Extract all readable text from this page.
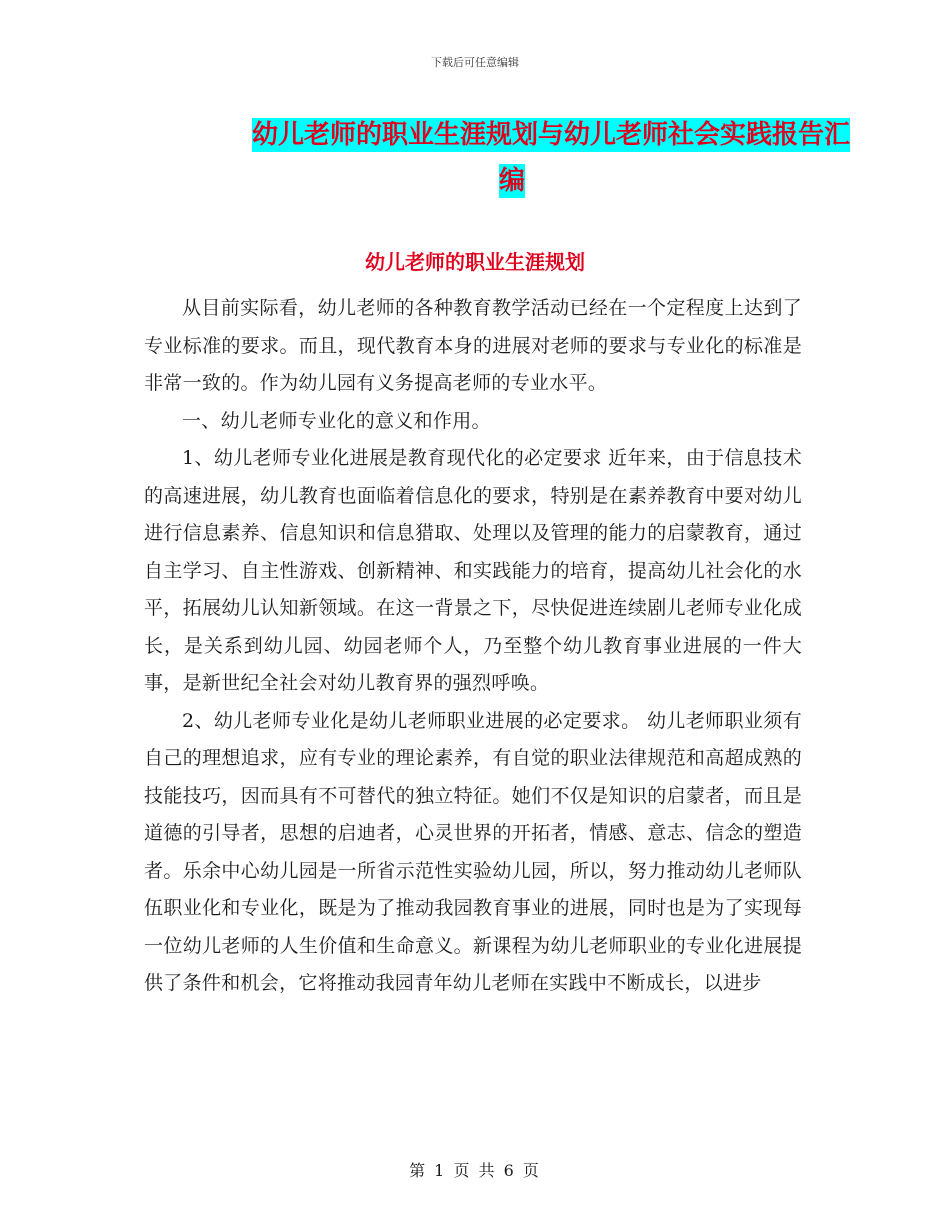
下载后可任意编辑
幼儿老师的职业生涯规划与幼儿老师社会实践报告汇
编
幼儿老师的职业生涯规划

从目前实际看，幼儿老师的各种教育教学活动已经在一个定程度上达到了专业标准的要求。而且，现代教育本身的进展对老师的要求与专业化的标准是非常一致的。作为幼儿园有义务提高老师的专业水平。

一、幼儿老师专业化的意义和作用。

1、幼儿老师专业化进展是教育现代化的必定要求 近年来，由于信息技术的高速进展，幼儿教育也面临着信息化的要求，特别是在素养教育中要对幼儿进行信息素养、信息知识和信息猎取、处理以及管理的能力的启蒙教育，通过自主学习、自主性游戏、创新精神、和实践能力的培育，提高幼儿社会化的水平，拓展幼儿认知新领域。在这一背景之下，尽快促进连续剧儿老师专业化成长，是关系到幼儿园、幼园老师个人，乃至整个幼儿教育事业进展的一件大事，是新世纪全社会对幼儿教育界的强烈呼唤。

2、幼儿老师专业化是幼儿老师职业进展的必定要求。 幼儿老师职业须有自己的理想追求，应有专业的理论素养，有自觉的职业法律规范和高超成熟的技能技巧，因而具有不可替代的独立特征。她们不仅是知识的启蒙者，而且是道德的引导者，思想的启迪者，心灵世界的开拓者，情感、意志、信念的塑造者。乐余中心幼儿园是一所省示范性实验幼儿园，所以，努力推动幼儿老师队伍职业化和专业化，既是为了推动我园教育事业的进展，同时也是为了实现每一位幼儿老师的人生价值和生命意义。新课程为幼儿老师职业的专业化进展提供了条件和机会，它将推动我园青年幼儿老师在实践中不断成长，以进步

第 1 页 共 6 页
